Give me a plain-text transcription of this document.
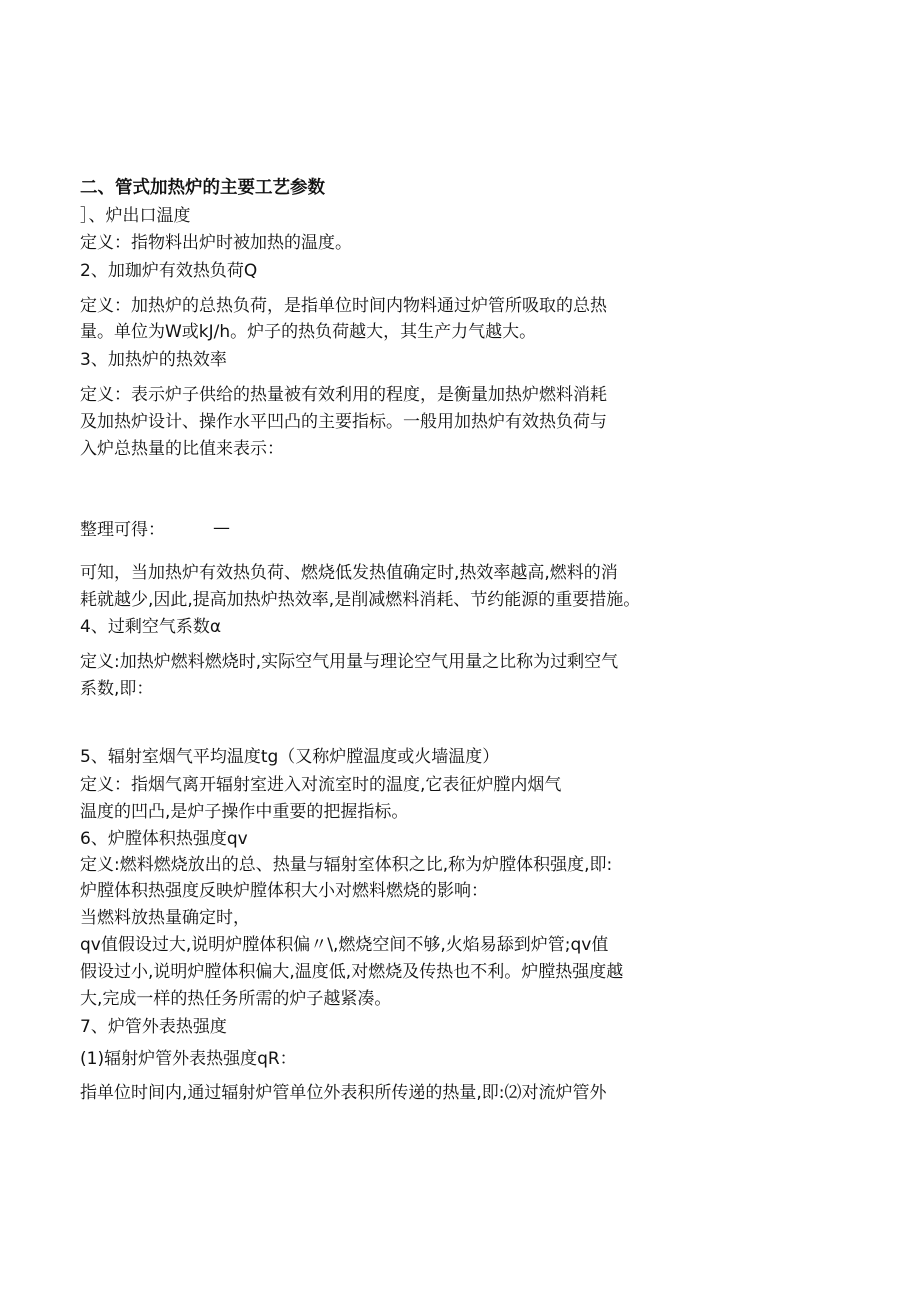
二、管式加热炉的主要工艺参数

］、炉出口温度

定义：指物料出炉时被加热的温度。

2、加珈炉有效热负荷Q

定义：加热炉的总热负荷，是指单位时间内物料通过炉管所吸取的总热

量。单位为W或kJ/h。炉子的热负荷越大，其生产力气越大。

3、加热炉的热效率

定义：表示炉子供给的热量被有效利用的程度，是衡量加热炉燃料消耗

及加热炉设计、操作水平凹凸的主要指标。一般用加热炉有效热负荷与

入炉总热量的比值来表示：

整理可得：	—

可知，当加热炉有效热负荷、燃烧低发热值确定时,热效率越高,燃料的消

耗就越少,因此,提高加热炉热效率,是削减燃料消耗、节约能源的重要措施。

4、过剩空气系数α

定义:加热炉燃料燃烧时,实际空气用量与理论空气用量之比称为过剩空气

系数,即：

5、辐射室烟气平均温度tg（又称炉膛温度或火墙温度）

定义：指烟气离开辐射室进入对流室时的温度,它表征炉膛内烟气

温度的凹凸,是炉子操作中重要的把握指标。

6、炉膛体积热强度qv

定义:燃料燃烧放出的总、热量与辐射室体积之比,称为炉膛体积强度,即:

炉膛体积热强度反映炉膛体积大小对燃料燃烧的影响：

当燃料放热量确定时，

qv值假设过大,说明炉膛体积偏〃\,燃烧空间不够,火焰易舔到炉管;qv值

假设过小,说明炉膛体积偏大,温度低,对燃烧及传热也不利。炉膛热强度越

大,完成一样的热任务所需的炉子越紧凑。

7、炉管外表热强度

(1)辐射炉管外表热强度qR：

指单位时间内,通过辐射炉管单位外表积所传递的热量,即:⑵对流炉管外
